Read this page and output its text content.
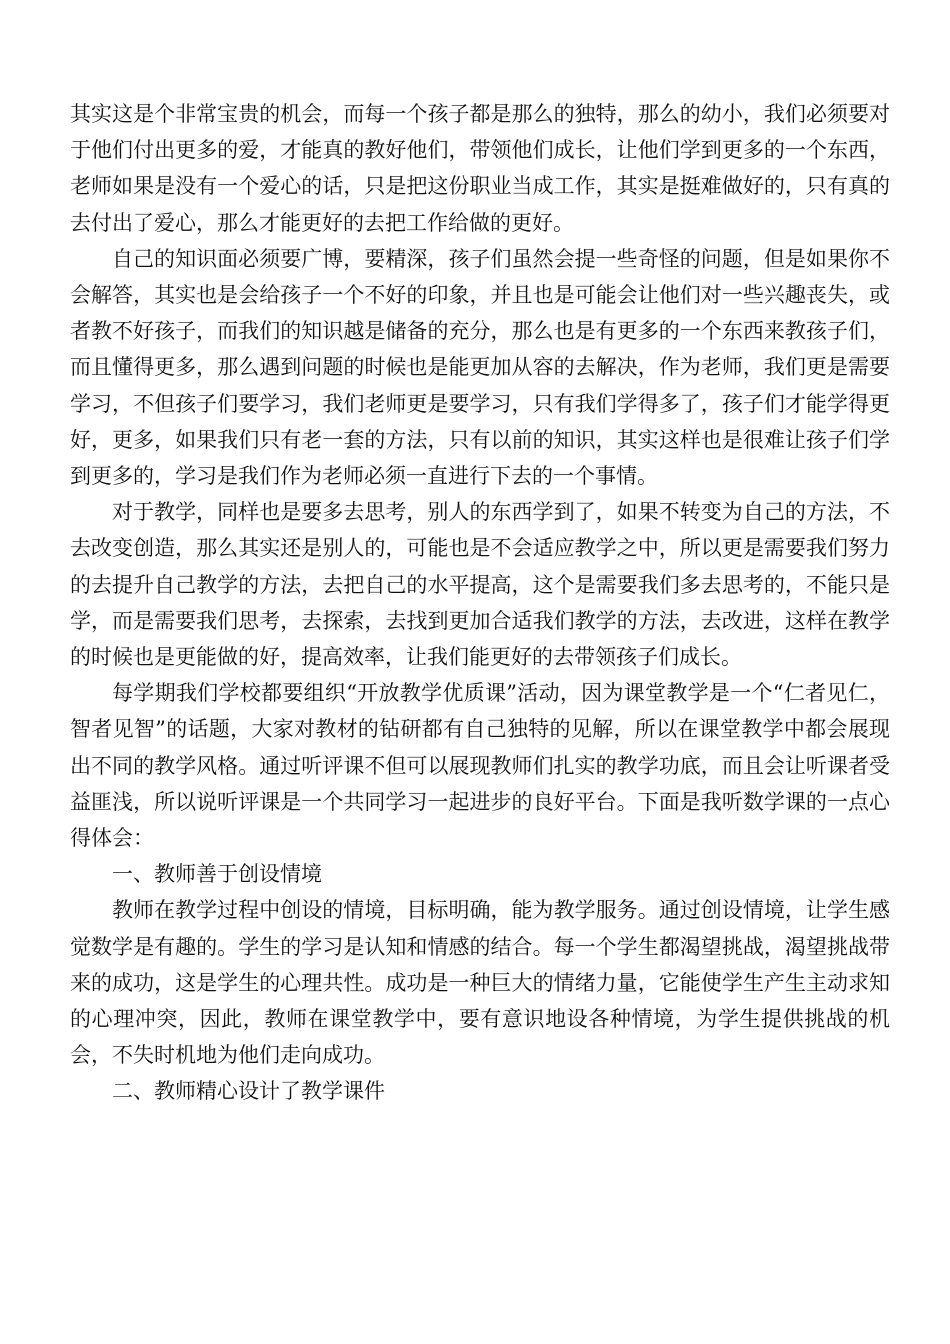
其实这是个非常宝贵的机会，而每一个孩子都是那么的独特，那么的幼小，我们必须要对于他们付出更多的爱，才能真的教好他们，带领他们成长，让他们学到更多的一个东西，老师如果是没有一个爱心的话，只是把这份职业当成工作，其实是挺难做好的，只有真的去付出了爱心，那么才能更好的去把工作给做的更好。

自己的知识面必须要广博，要精深，孩子们虽然会提一些奇怪的问题，但是如果你不会解答，其实也是会给孩子一个不好的印象，并且也是可能会让他们对一些兴趣丧失，或者教不好孩子，而我们的知识越是储备的充分，那么也是有更多的一个东西来教孩子们，而且懂得更多，那么遇到问题的时候也是能更加从容的去解决，作为老师，我们更是需要学习，不但孩子们要学习，我们老师更是要学习，只有我们学得多了，孩子们才能学得更好，更多，如果我们只有老一套的方法，只有以前的知识，其实这样也是很难让孩子们学到更多的，学习是我们作为老师必须一直进行下去的一个事情。

对于教学，同样也是要多去思考，别人的东西学到了，如果不转变为自己的方法，不去改变创造，那么其实还是别人的，可能也是不会适应教学之中，所以更是需要我们努力的去提升自己教学的方法，去把自己的水平提高，这个是需要我们多去思考的，不能只是学，而是需要我们思考，去探索，去找到更加合适我们教学的方法，去改进，这样在教学的时候也是更能做的好，提高效率，让我们能更好的去带领孩子们成长。

每学期我们学校都要组织“开放教学优质课”活动，因为课堂教学是一个“仁者见仁，智者见智”的话题，大家对教材的钻研都有自己独特的见解，所以在课堂教学中都会展现出不同的教学风格。通过听评课不但可以展现教师们扎实的教学功底，而且会让听课者受益匪浅，所以说听评课是一个共同学习一起进步的良好平台。下面是我听数学课的一点心得体会：

一、教师善于创设情境

教师在教学过程中创设的情境，目标明确，能为教学服务。通过创设情境，让学生感觉数学是有趣的。学生的学习是认知和情感的结合。每一个学生都渴望挑战，渴望挑战带来的成功，这是学生的心理共性。成功是一种巨大的情绪力量，它能使学生产生主动求知的心理冲突，因此，教师在课堂教学中，要有意识地设各种情境，为学生提供挑战的机会，不失时机地为他们走向成功。

二、教师精心设计了教学课件
